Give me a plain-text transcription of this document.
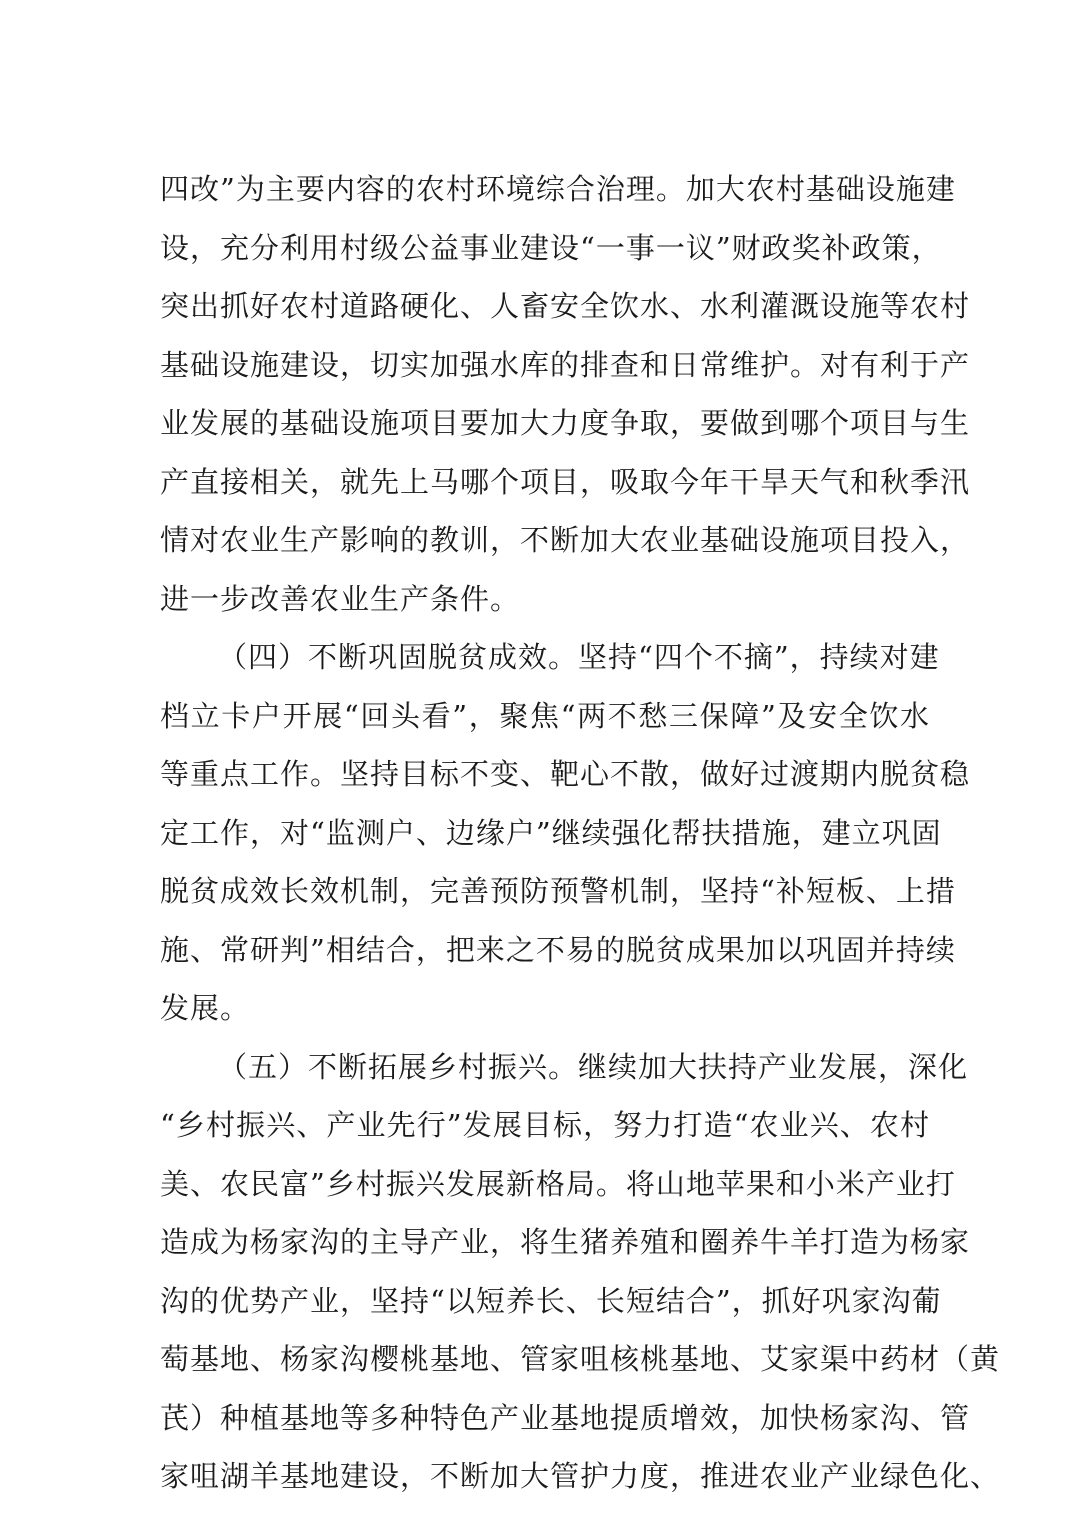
四改”为主要内容的农村环境综合治理。加大农村基础设施建
设，充分利用村级公益事业建设“一事一议”财政奖补政策，
突出抓好农村道路硬化、人畜安全饮水、水利灌溉设施等农村
基础设施建设，切实加强水库的排查和日常维护。对有利于产
业发展的基础设施项目要加大力度争取，要做到哪个项目与生
产直接相关，就先上马哪个项目，吸取今年干旱天气和秋季汛
情对农业生产影响的教训，不断加大农业基础设施项目投入，
进一步改善农业生产条件。
（四）不断巩固脱贫成效。坚持“四个不摘”，持续对建
档立卡户开展“回头看”，聚焦“两不愁三保障”及安全饮水
等重点工作。坚持目标不变、靶心不散，做好过渡期内脱贫稳
定工作，对“监测户、边缘户”继续强化帮扶措施，建立巩固
脱贫成效长效机制，完善预防预警机制，坚持“补短板、上措
施、常研判”相结合，把来之不易的脱贫成果加以巩固并持续
发展。
（五）不断拓展乡村振兴。继续加大扶持产业发展，深化
“乡村振兴、产业先行”发展目标，努力打造“农业兴、农村
美、农民富”乡村振兴发展新格局。将山地苹果和小米产业打
造成为杨家沟的主导产业，将生猪养殖和圈养牛羊打造为杨家
沟的优势产业，坚持“以短养长、长短结合”，抓好巩家沟葡
萄基地、杨家沟樱桃基地、管家咀核桃基地、艾家渠中药材（黄
芪）种植基地等多种特色产业基地提质增效，加快杨家沟、管
家咀湖羊基地建设，不断加大管护力度，推进农业产业绿色化、
